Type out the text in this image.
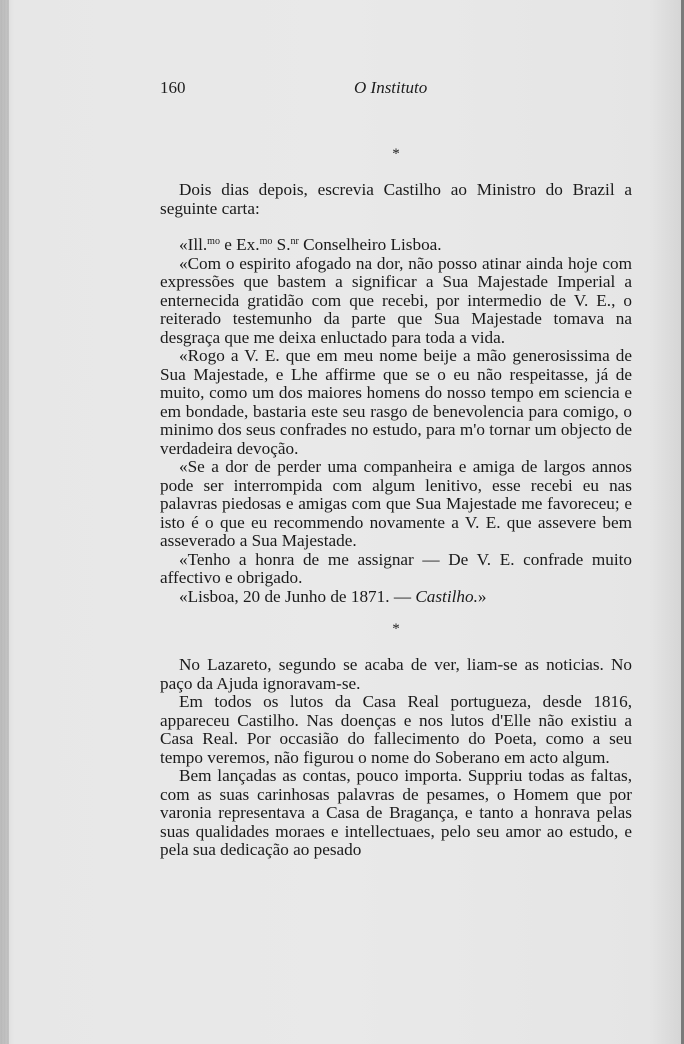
160	O Instituto

*

Dois dias depois, escrevia Castilho ao Ministro do Brazil a seguinte carta:

«Ill.$^{mo}$ e Ex.$^{mo}$ S.$^{nr}$ Conselheiro Lisboa.

«Com o espirito afogado na dor, não posso atinar ainda hoje com expressões que bastem a significar a Sua Majestade Imperial a enternecida gratidão com que recebi, por intermedio de V. E., o reiterado testemunho da parte que Sua Majestade tomava na desgraça que me deixa enluctado para toda a vida.

«Rogo a V. E. que em meu nome beije a mão generosissima de Sua Majestade, e Lhe affirme que se o eu não respeitasse, já de muito, como um dos maiores homens do nosso tempo em sciencia e em bondade, bastaria este seu rasgo de benevolencia para comigo, o minimo dos seus confrades no estudo, para m'o tornar um objecto de verdadeira devoção.

«Se a dor de perder uma companheira e amiga de largos annos pode ser interrompida com algum lenitivo, esse recebi eu nas palavras piedosas e amigas com que Sua Majestade me favoreceu; e isto é o que eu recommendo novamente a V. E. que assevere bem asseverado a Sua Majestade.

«Tenho a honra de me assignar — De V. E. confrade muito affectivo e obrigado.

«Lisboa, 20 de Junho de 1871. — Castilho.»

*

No Lazareto, segundo se acaba de ver, liam-se as noticias. No paço da Ajuda ignoravam-se.

Em todos os lutos da Casa Real portugueza, desde 1816, appareceu Castilho. Nas doenças e nos lutos d'Elle não existiu a Casa Real. Por occasião do fallecimento do Poeta, como a seu tempo veremos, não figurou o nome do Soberano em acto algum.

Bem lançadas as contas, pouco importa. Suppriu todas as faltas, com as suas carinhosas palavras de pesames, o Homem que por varonia representava a Casa de Bragança, e tanto a honrava pelas suas qualidades moraes e intellectuaes, pelo seu amor ao estudo, e pela sua dedicação ao pesado
